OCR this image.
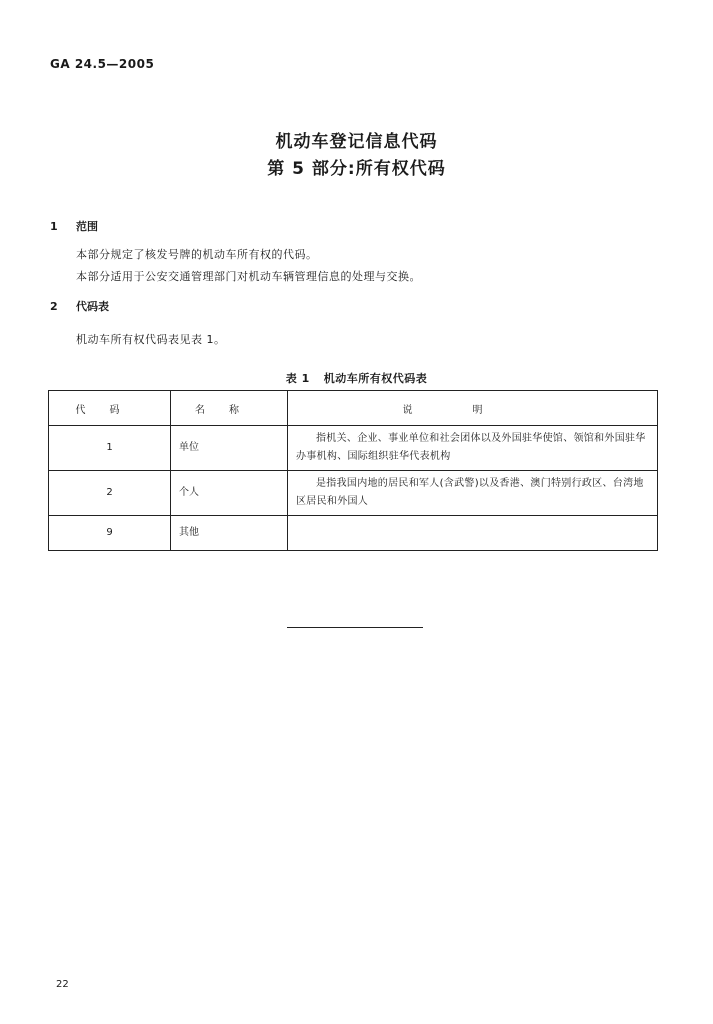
GA 24.5—2005
机动车登记信息代码
第 5 部分:所有权代码
1 范围
本部分规定了核发号牌的机动车所有权的代码。
本部分适用于公安交通管理部门对机动车辆管理信息的处理与交换。
2 代码表
机动车所有权代码表见表 1。
表 1 机动车所有权代码表
代码	名称	说明
1	单位	指机关、企业、事业单位和社会团体以及外国驻华使馆、领馆和外国驻华办事机构、国际组织驻华代表机构
2	个人	是指我国内地的居民和军人(含武警)以及香港、澳门特别行政区、台湾地区居民和外国人
9	其他	
22
